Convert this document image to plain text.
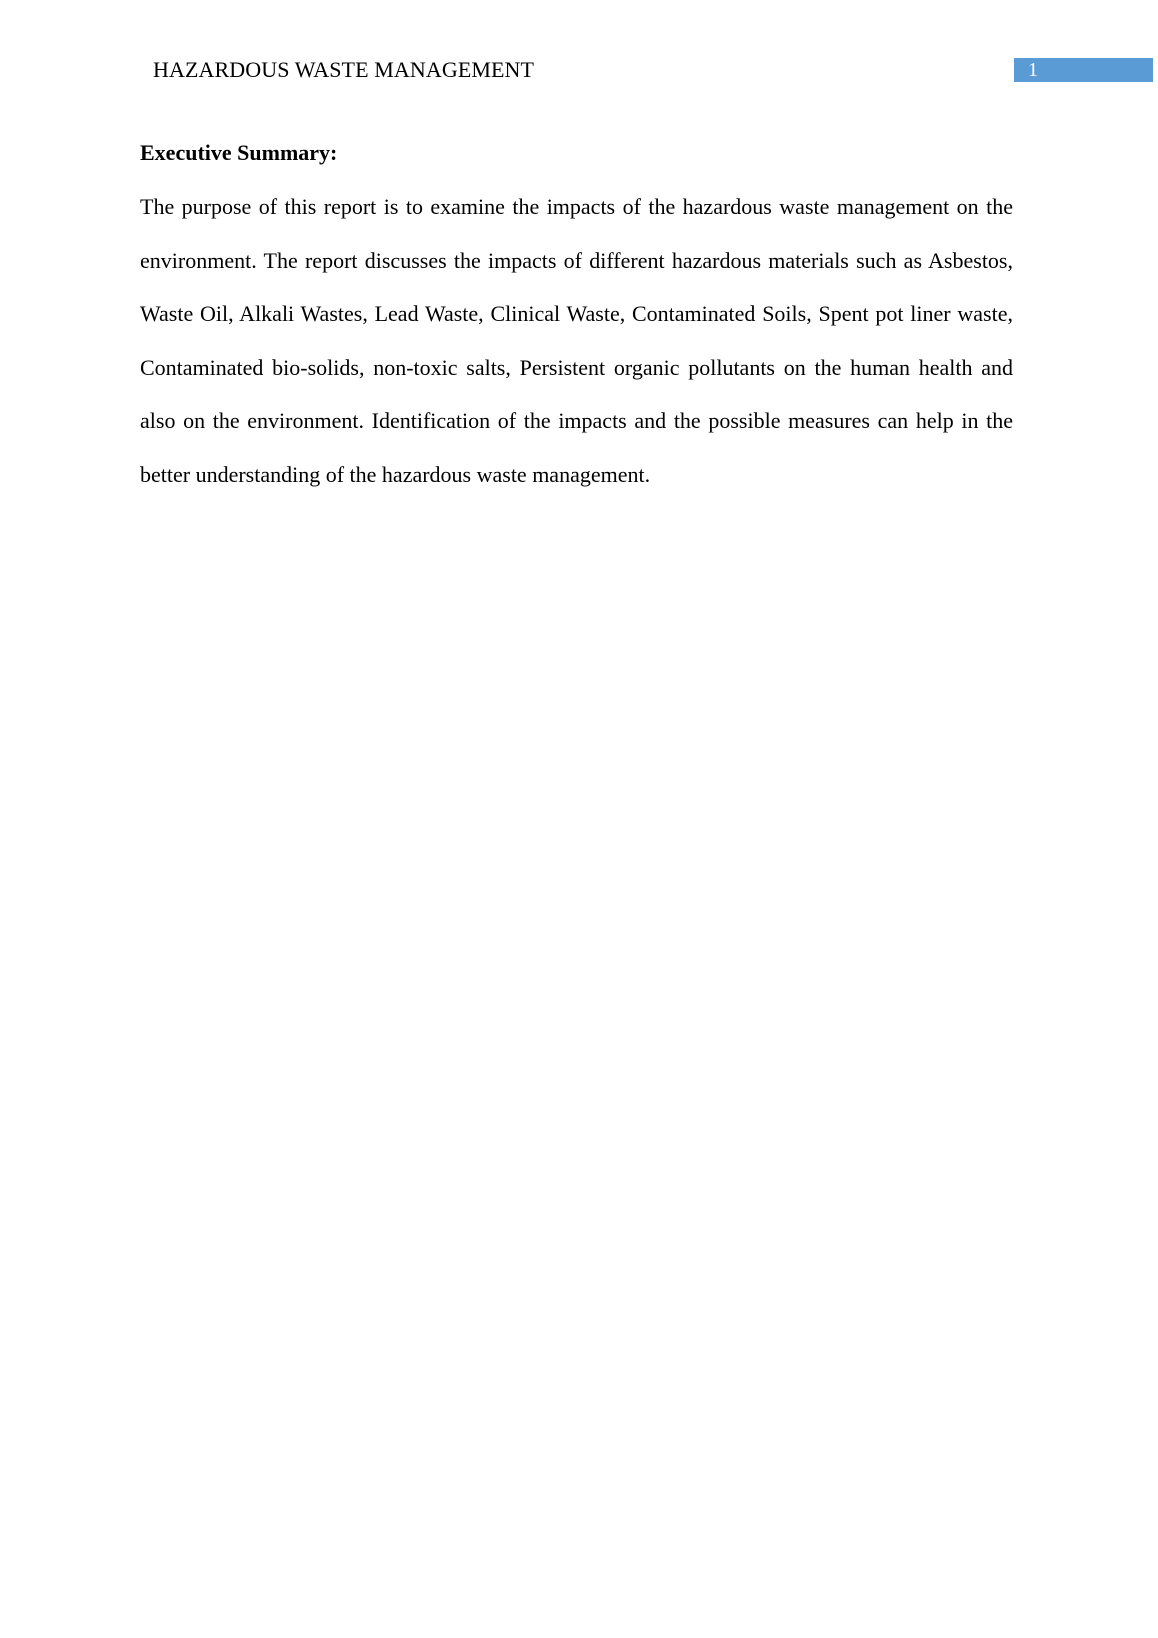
HAZARDOUS WASTE MANAGEMENT	1
Executive Summary:

The purpose of this report is to examine the impacts of the hazardous waste management on the environment. The report discusses the impacts of different hazardous materials such as Asbestos, Waste Oil, Alkali Wastes, Lead Waste, Clinical Waste, Contaminated Soils, Spent pot liner waste, Contaminated bio-solids, non-toxic salts, Persistent organic pollutants on the human health and also on the environment. Identification of the impacts and the possible measures can help in the better understanding of the hazardous waste management.
